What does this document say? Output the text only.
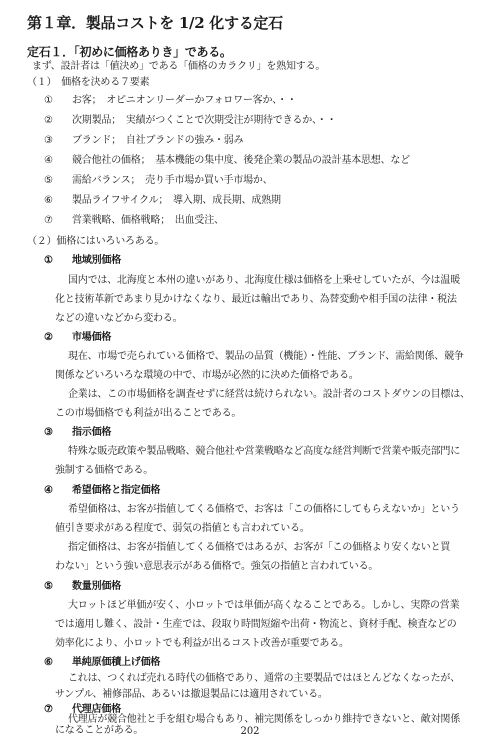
第１章．製品コストを 1/2 化する定石
定石１．「初めに価格ありき」である。
まず、設計者は「値決め」である「価格のカラクリ」を熟知する。
（１）　価格を決める７要素
① お客；　オピニオンリーダーかフォロワー客か、・・
② 次期製品；　実績がつくことで次期受注が期待できるか、・・
③ ブランド；　自社ブランドの強み・弱み
④ 競合他社の価格；　基本機能の集中度、後発企業の製品の設計基本思想、など
⑤ 需給バランス；　売り手市場か買い手市場か、
⑥ 製品ライフサイクル；　導入期、成長期、成熟期
⑦ 営業戦略、価格戦略；　出血受注、
（２）価格にはいろいろある。
① 地域別価格
国内では、北海度と本州の違いがあり、北海度仕様は価格を上乗せしていたが、今は温暖
化と技術革新であまり見かけなくなり、最近は輸出であり、為替変動や相手国の法律・税法
などの違いなどから変わる。
② 市場価格
現在、市場で売られている価格で、製品の品質（機能）・性能、ブランド、需給関係、競争
関係などいろいろな環境の中で、市場が必然的に決めた価格である。
企業は、この市場価格を調査せずに経営は続けられない。設計者のコストダウンの目標は、
この市場価格でも利益が出ることである。
③ 指示価格
特殊な販売政策や製品戦略、競合他社や営業戦略など高度な経営判断で営業や販売部門に
強制する価格である。
④ 希望価格と指定価格
希望価格は、お客が指値してくる価格で、お客は「この価格にしてもらえないか」という
値引き要求がある程度で、弱気の指値とも言われている。
指定価格は、お客が指値してくる価格ではあるが、お客が「この価格より安くないと買
わない」という強い意思表示がある価格で。強気の指値と言われている。
⑤ 数量別価格
大ロットほど単価が安く、小ロットでは単価が高くなることである。しかし、実際の営業
では適用し難く、設計・生産では、段取り時間短縮や出荷・物流と、資材手配、検査などの
効率化により、小ロットでも利益が出るコスト改善が重要である。
⑥ 単純原価積上げ価格
これは、つくれば売れる時代の価格であり、通常の主要製品ではほとんどなくなったが、
サンプル、補修部品、あるいは撤退製品には適用されている。
⑦ 代理店価格
代理店が競合他社と手を組む場合もあり、補完関係をしっかり維持できないと、敵対関係
になることがある。	202
